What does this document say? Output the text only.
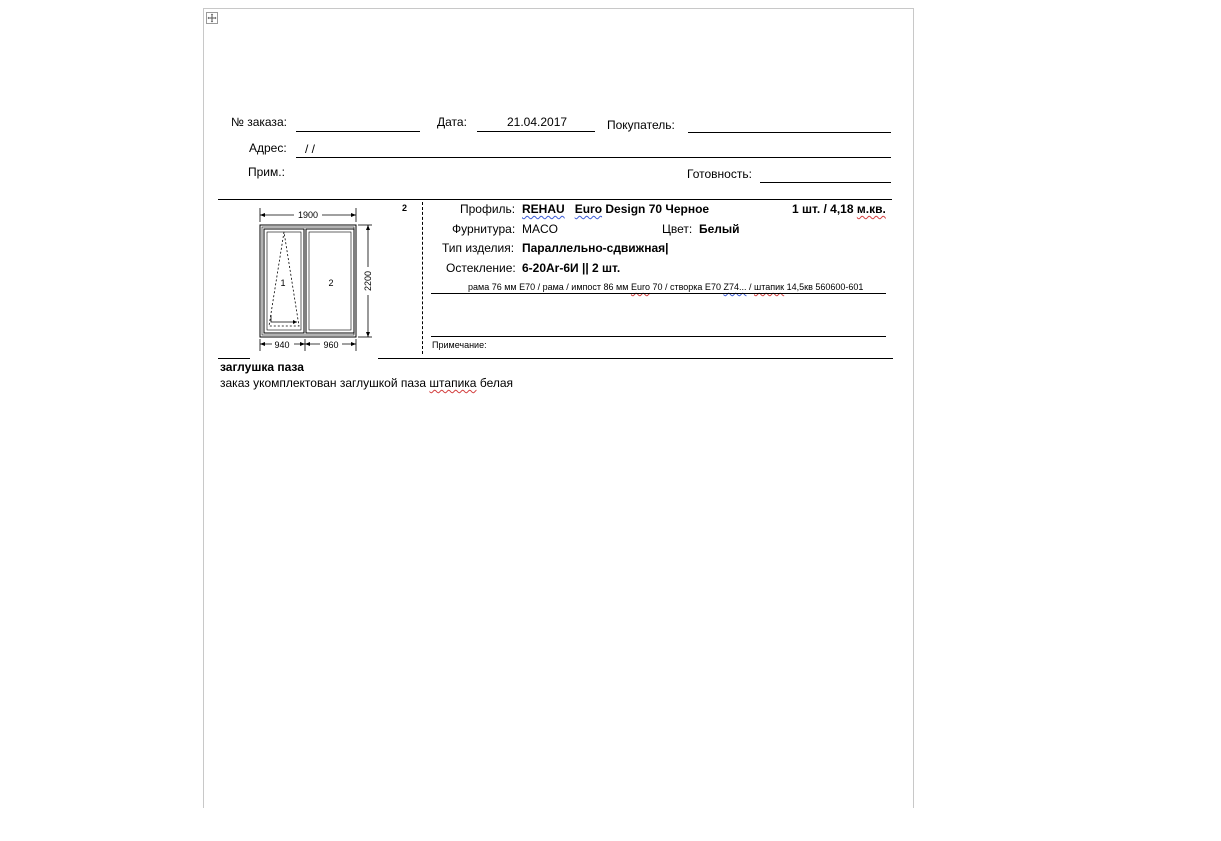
№ заказа:	Дата:	21.04.2017	Покупатель:
Адрес: / /
Прим.:	Готовность:
1900
1	2	2200
940	960
2	Профиль: REHAU Euro Design 70 Черное	1 шт. / 4,18 м.кв.
Фурнитура: MACO	Цвет: Белый
Тип изделия: Параллельно-сдвижная|
Остекление: 6-20Ar-6И || 2 шт.
рама 76 мм E70 / рама / импост 86 мм Euro 70 / створка E70 Z74... / штапик 14,5кв 560600-601
Примечание:
заглушка паза
заказ укомплектован заглушкой паза штапика белая
